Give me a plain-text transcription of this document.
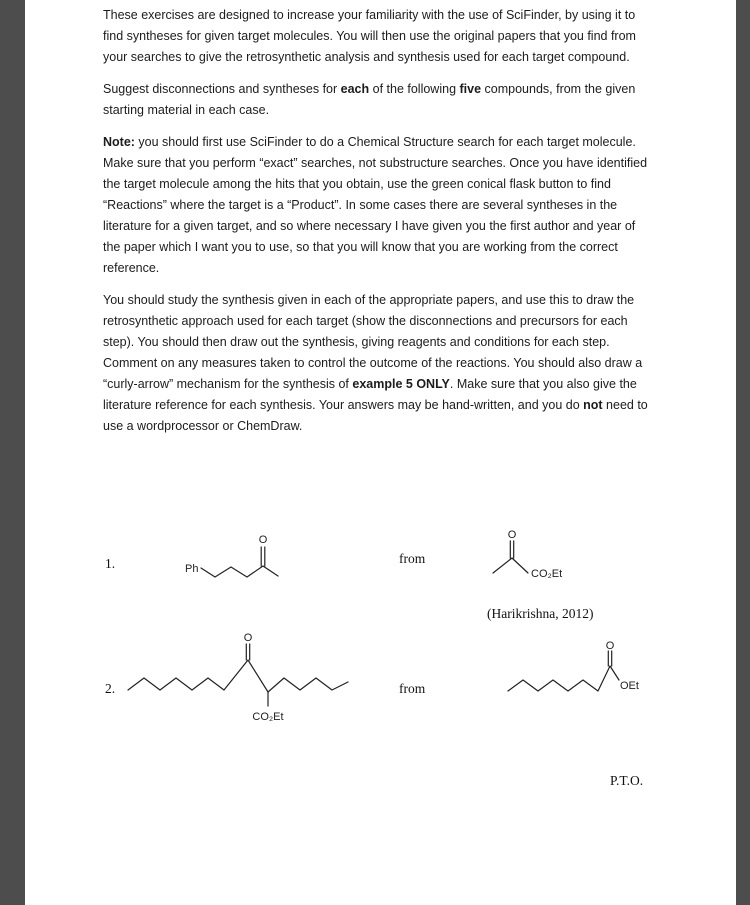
These exercises are designed to increase your familiarity with the use of SciFinder, by using it to find syntheses for given target molecules. You will then use the original papers that you find from your searches to give the retrosynthetic analysis and synthesis used for each target compound.

Suggest disconnections and syntheses for each of the following five compounds, from the given starting material in each case.

Note: you should first use SciFinder to do a Chemical Structure search for each target molecule. Make sure that you perform “exact” searches, not substructure searches. Once you have identified the target molecule among the hits that you obtain, use the green conical flask button to find “Reactions” where the target is a “Product”. In some cases there are several syntheses in the literature for a given target, and so where necessary I have given you the first author and year of the paper which I want you to use, so that you will know that you are working from the correct reference.

You should study the synthesis given in each of the appropriate papers, and use this to draw the retrosynthetic approach used for each target (show the disconnections and precursors for each step). You should then draw out the synthesis, giving reagents and conditions for each step. Comment on any measures taken to control the outcome of the reactions. You should also draw a “curly-arrow” mechanism for the synthesis of example 5 ONLY. Make sure that you also give the literature reference for each synthesis. Your answers may be hand-written, and you do not need to use a wordprocessor or ChemDraw.

1.	Ph
O
from
O
CO₂Et
(Harikrishna, 2012)
2.
O
CO₂Et
from
O
OEt
P.T.O.
